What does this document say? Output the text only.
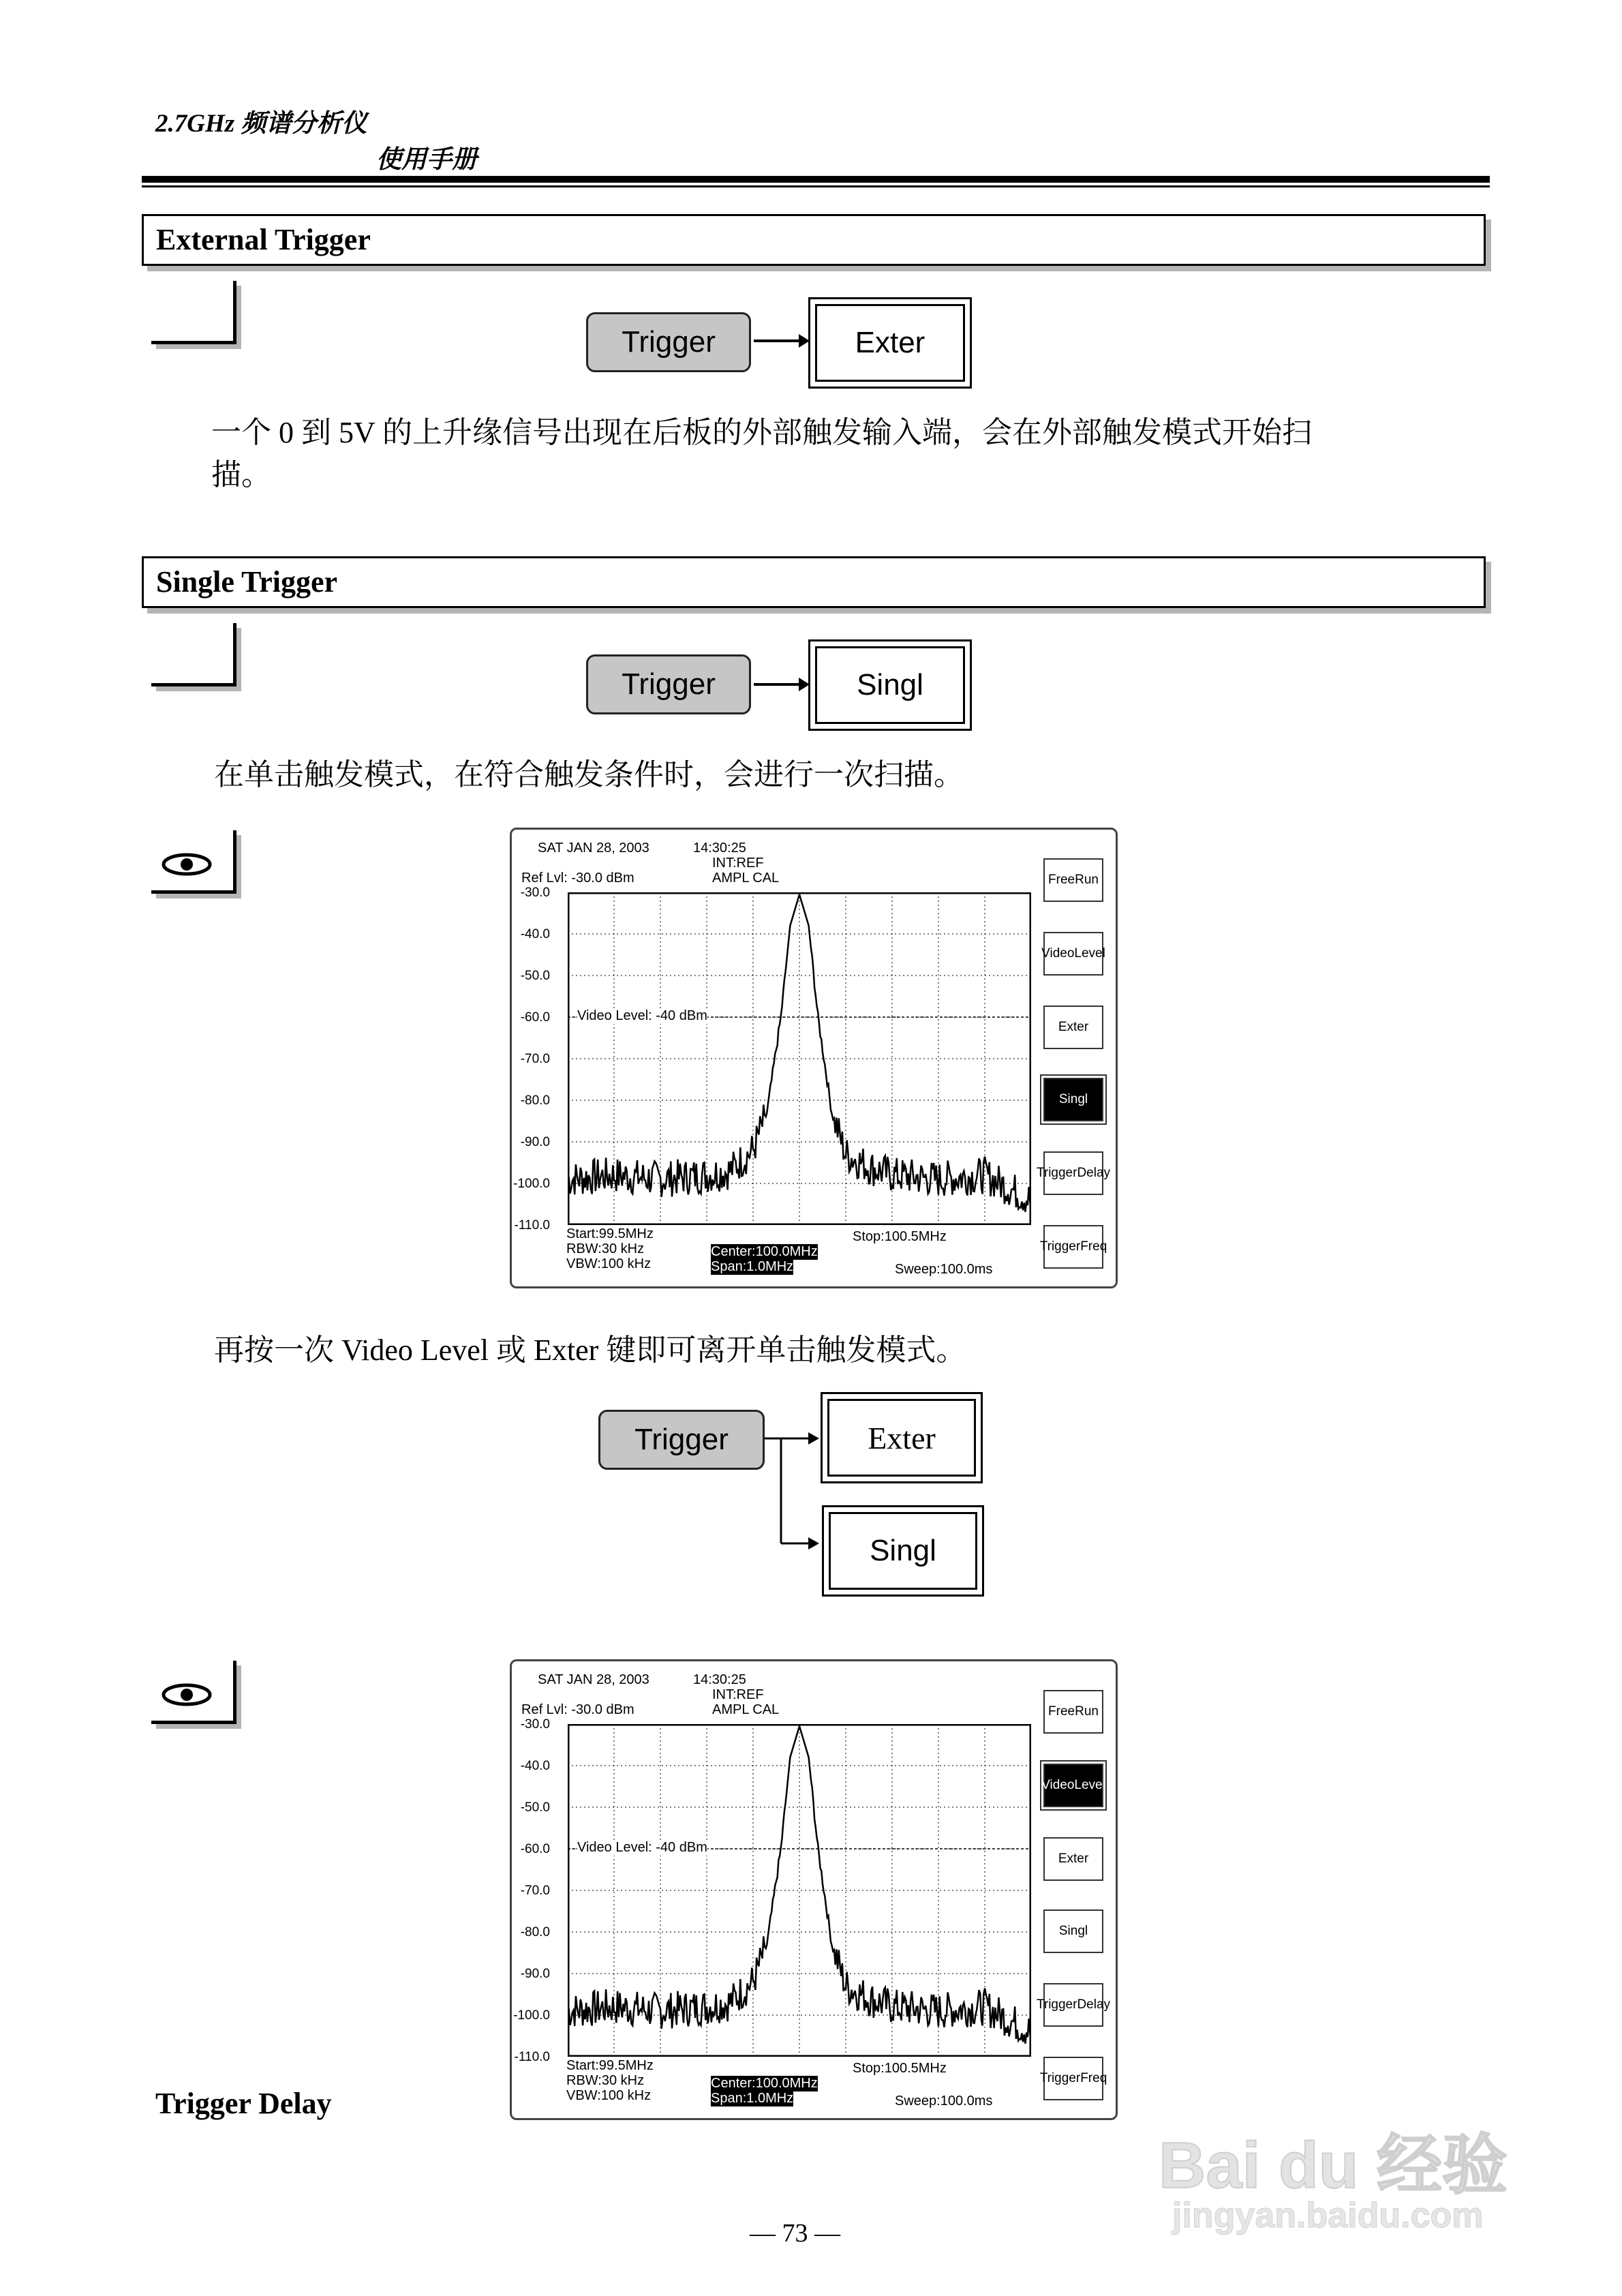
2.7GHz 频谱分析仪
使用手册
External Trigger
Trigger	Exter
一个 0 到 5V 的上升缘信号出现在后板的外部触发输入端，会在外部触发模式开始扫
描。
Single Trigger
Trigger	Singl
在单击触发模式，在符合触发条件时，会进行一次扫描。
SAT JAN 28, 2003	14:30:25
INT:REF
Ref Lvl: -30.0 dBm	AMPL CAL
-30.0
-40.0
-50.0
-60.0
-70.0
-80.0
-90.0
-100.0
-110.0
Video Level: -40 dBm
Start:99.5MHz
RBW:30 kHz
VBW:100 kHz
Center:100.0MHz
Span:1.0MHz
Stop:100.5MHz
Sweep:100.0ms
Free Run
Video Level
Exter
Singl
Trigger Delay
Trigger Freq
再按一次 Video Level 或 Exter 键即可离开单击触发模式。
Trigger	Exter
Singl
SAT JAN 28, 2003	14:30:25
INT:REF
Ref Lvl: -30.0 dBm	AMPL CAL
-30.0
-40.0
-50.0
-60.0
-70.0
-80.0
-90.0
-100.0
-110.0
Video Level: -40 dBm
Start:99.5MHz
RBW:30 kHz
VBW:100 kHz
Center:100.0MHz
Span:1.0MHz
Stop:100.5MHz
Sweep:100.0ms
Free Run
Video Level
Exter
Singl
Trigger Delay
Trigger Freq
Trigger Delay
— 73 —
Bai du 经验
jingyan.baidu.com
